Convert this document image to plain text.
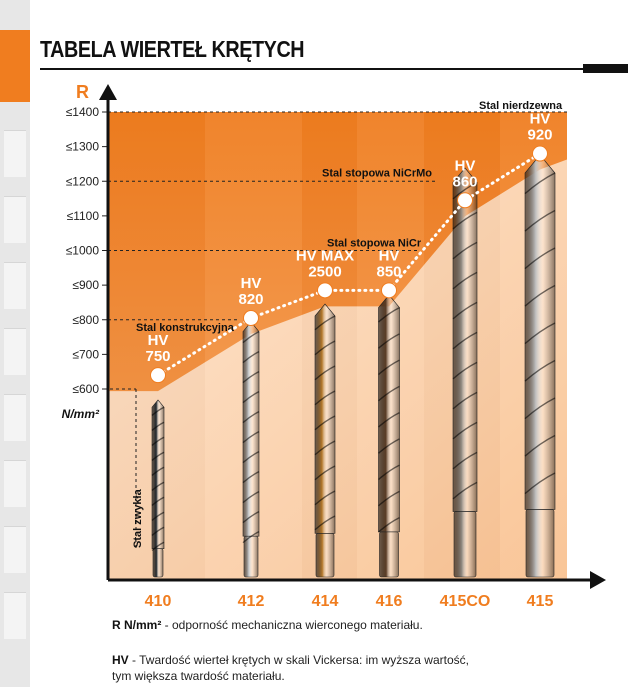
TABELA WIERTEŁ KRĘTYCH
Stal zwykła
Stal konstrukcyjna
Stal stopowa NiCr
Stal stopowa NiCrMo
Stal nierdzewna
≤600
≤700
≤800
≤900
≤1000
≤1100
≤1200
≤1300
≤1400
N/mm²
R
HV
750
HV
820
HV MAX
2500
HV
850
HV
860
HV
920
410	412	414 416 415CO 415
R N/mm² - odporność mechaniczna wierconego materiału.
HV - Twardość wierteł krętych w skali Vickersa: im wyższa wartość,
tym większa twardość materiału.
